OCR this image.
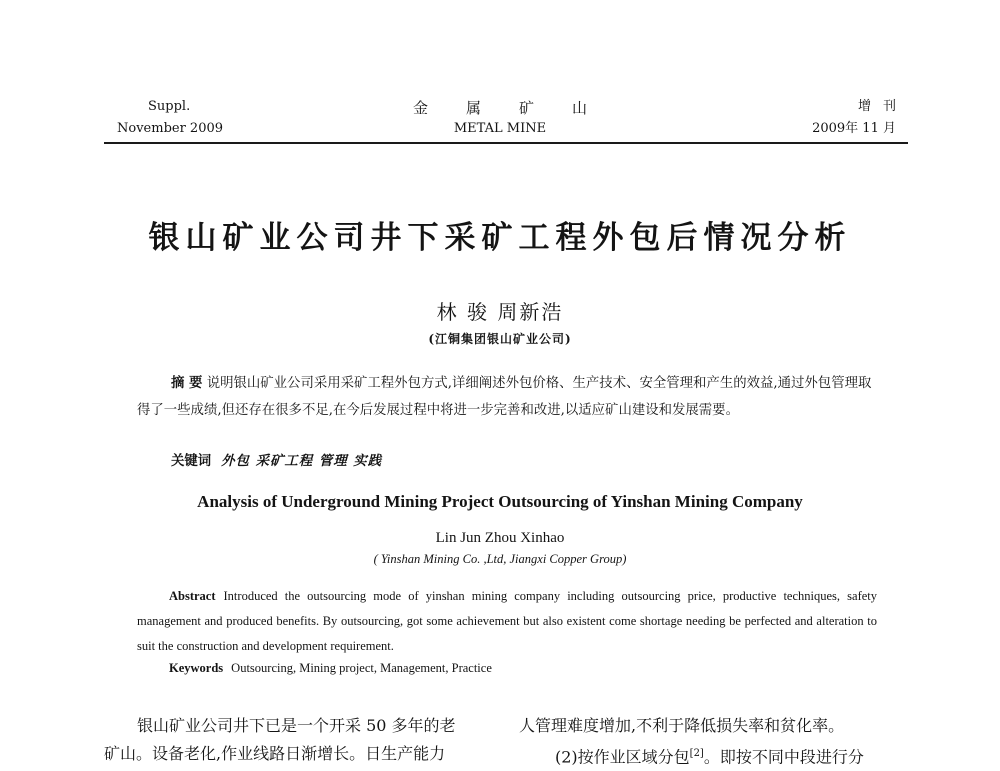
Suppl.
November 2009
金属矿山
METAL MINE
增刊
2009年 11 月
银山矿业公司井下采矿工程外包后情况分析
林 骏 周新浩
(江铜集团银山矿业公司)
摘 要 说明银山矿业公司采用采矿工程外包方式,详细阐述外包价格、生产技术、安全管理和产生的效益,通过外包管理取得了一些成绩,但还存在很多不足,在今后发展过程中将进一步完善和改进,以适应矿山建设和发展需要。
关键词 外包 采矿工程 管理 实践
Analysis of Underground Mining Project Outsourcing of Yinshan Mining Company
Lin Jun Zhou Xinhao
( Yinshan Mining Co. ,Ltd, Jiangxi Copper Group)
Abstract Introduced the outsourcing mode of yinshan mining company including outsourcing price, productive techniques, safety management and produced benefits. By outsourcing, got some achievement but also existent come shortage needing be perfected and alteration to suit the construction and development requirement.
Keywords Outsourcing, Mining project, Management, Practice
银山矿业公司井下已是一个开采 50 多年的老
矿山。设备老化,作业线路日渐增长。日生产能力
人管理难度增加,不利于降低损失率和贫化率。
(2)按作业区域分包[2]。即按不同中段进行分
